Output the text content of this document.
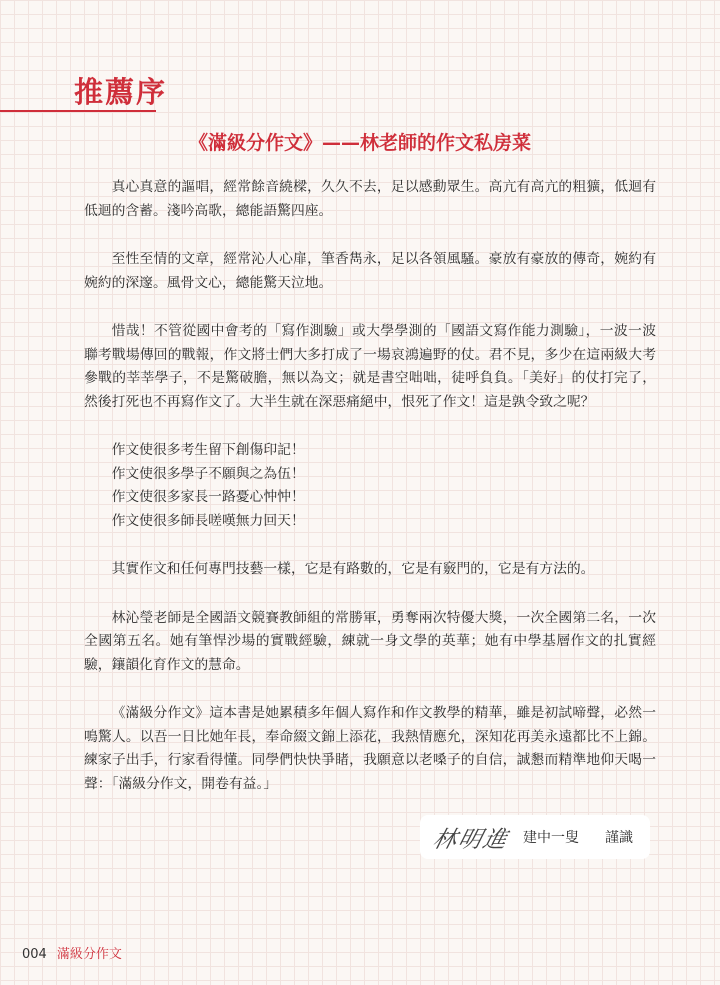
推薦序
《滿級分作文》——林老師的作文私房菜

真心真意的謳唱，經常餘音繞樑，久久不去，足以感動眾生。高亢有高亢的粗獷，低迴有低迴的含蓄。淺吟高歌，總能語驚四座。

至性至情的文章，經常沁人心扉，筆香雋永，足以各領風騷。豪放有豪放的傳奇，婉約有婉約的深邃。風骨文心，總能驚天泣地。

惜哉！不管從國中會考的「寫作測驗」或大學學測的「國語文寫作能力測驗」，一波一波聯考戰場傳回的戰報，作文將士們大多打成了一場哀鴻遍野的仗。君不見，多少在這兩級大考參戰的莘莘學子，不是驚破膽，無以為文；就是書空咄咄，徒呼負負。「美好」的仗打完了，然後打死也不再寫作文了。大半生就在深惡痛絕中，恨死了作文！這是孰令致之呢？

作文使很多考生留下創傷印記！
作文使很多學子不願與之為伍！
作文使很多家長一路憂心忡忡！
作文使很多師長嗟嘆無力回天！

其實作文和任何專門技藝一樣，它是有路數的，它是有竅門的，它是有方法的。

林沁瑩老師是全國語文競賽教師組的常勝軍，勇奪兩次特優大獎，一次全國第二名，一次全國第五名。她有筆悍沙場的實戰經驗，練就一身文學的英華；她有中學基層作文的扎實經驗，鑲韻化育作文的慧命。

《滿級分作文》這本書是她累積多年個人寫作和作文教學的精華，雖是初試啼聲，必然一鳴驚人。以吾一日比她年長，奉命綴文錦上添花，我熱情應允，深知花再美永遠都比不上錦。練家子出手，行家看得懂。同學們快快爭睹，我願意以老嗓子的自信，誠懇而精準地仰天喝一聲：「滿級分作文，開卷有益。」

林明進 建中一叟 謹識
004 滿級分作文
